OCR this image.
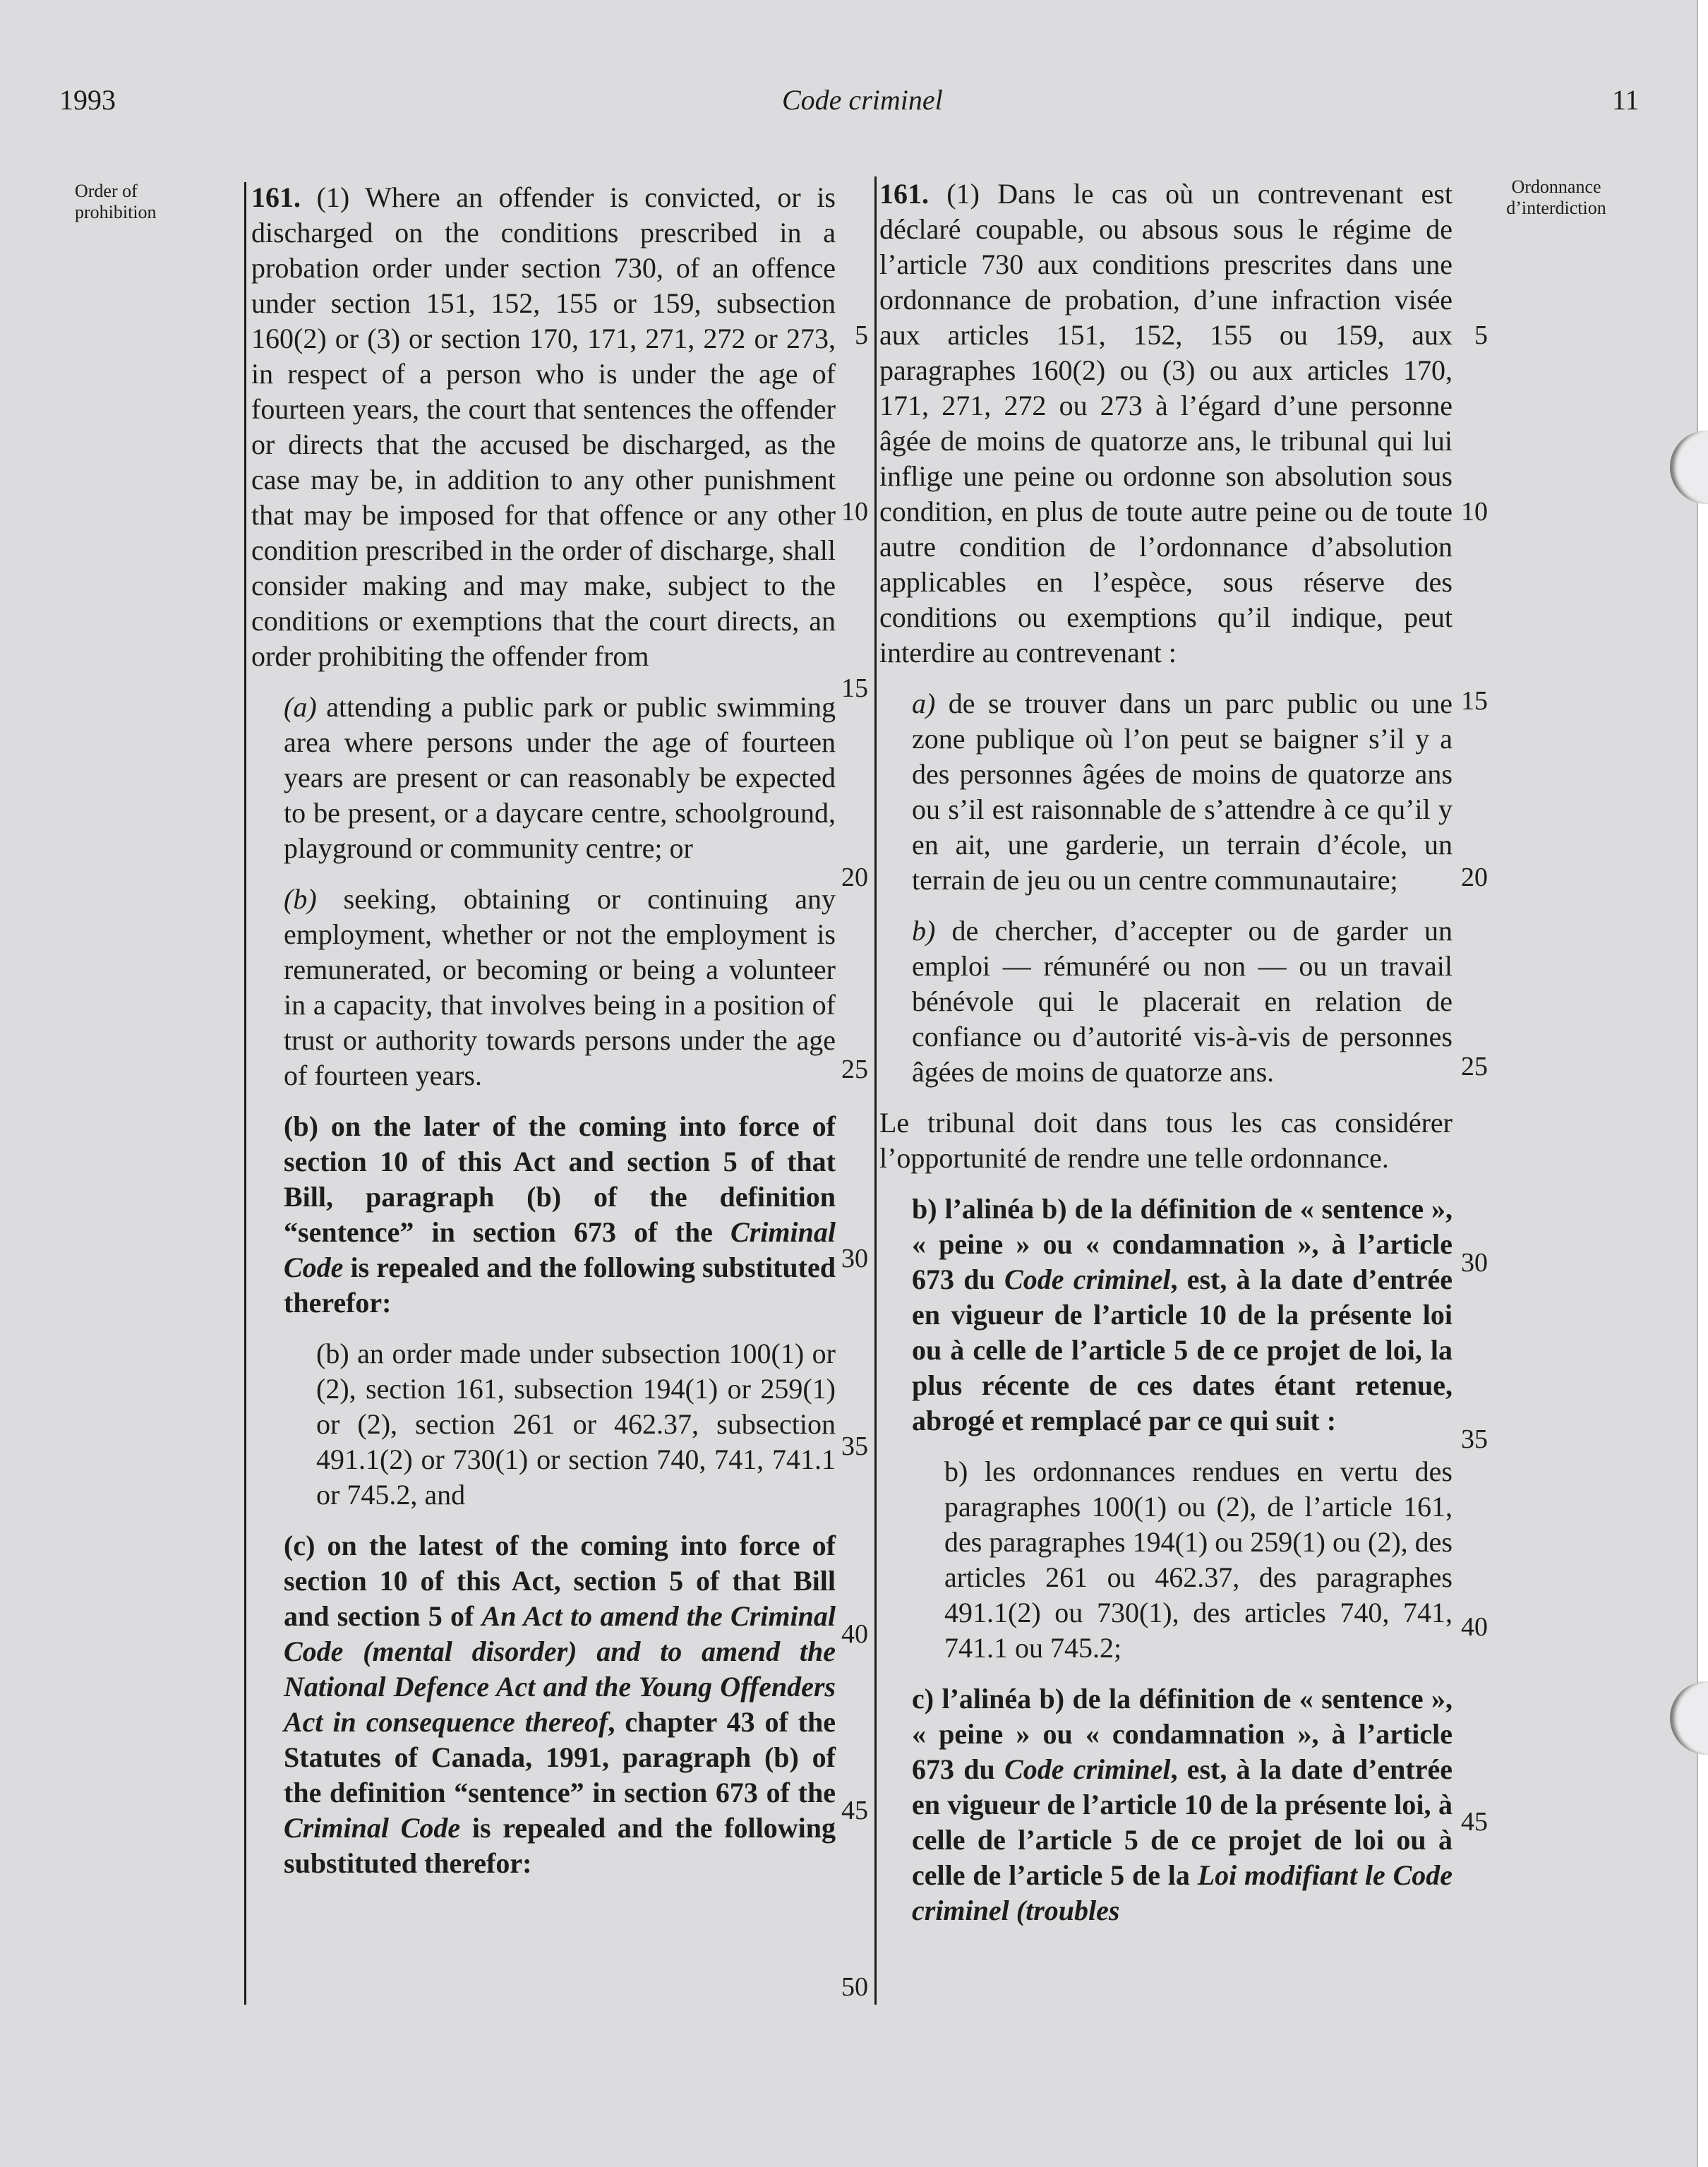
1993	Code criminel	11
Order of prohibition
Ordonnance d’interdiction

161. (1) Where an offender is convicted, or is discharged on the conditions prescribed in a probation order under section 730, of an offence under section 151, 152, 155 or 159, subsection 160(2) or (3) or section 170, 171, 271, 272 or 273, in respect of a person who is under the age of fourteen years, the court that sentences the offender or directs that the accused be discharged, as the case may be, in addition to any other punishment that may be imposed for that offence or any other condition prescribed in the order of discharge, shall consider making and may make, subject to the conditions or exemptions that the court directs, an order prohibiting the offender from

(a) attending a public park or public swimming area where persons under the age of fourteen years are present or can reasonably be expected to be present, or a daycare centre, schoolground, playground or community centre; or

(b) seeking, obtaining or continuing any employment, whether or not the employment is remunerated, or becoming or being a volunteer in a capacity, that involves being in a position of trust or authority towards persons under the age of fourteen years.

(b) on the later of the coming into force of section 10 of this Act and section 5 of that Bill, paragraph (b) of the definition “sentence” in section 673 of the Criminal Code is repealed and the following substituted therefor:

(b) an order made under subsection 100(1) or (2), section 161, subsection 194(1) or 259(1) or (2), section 261 or 462.37, subsection 491.1(2) or 730(1) or section 740, 741, 741.1 or 745.2, and

(c) on the latest of the coming into force of section 10 of this Act, section 5 of that Bill and section 5 of An Act to amend the Criminal Code (mental disorder) and to amend the National Defence Act and the Young Offenders Act in consequence thereof, chapter 43 of the Statutes of Canada, 1991, paragraph (b) of the definition “sentence” in section 673 of the Criminal Code is repealed and the following substituted therefor:

161. (1) Dans le cas où un contrevenant est déclaré coupable, ou absous sous le régime de l’article 730 aux conditions prescrites dans une ordonnance de probation, d’une infraction visée aux articles 151, 152, 155 ou 159, aux paragraphes 160(2) ou (3) ou aux articles 170, 171, 271, 272 ou 273 à l’égard d’une personne âgée de moins de quatorze ans, le tribunal qui lui inflige une peine ou ordonne son absolution sous condition, en plus de toute autre peine ou de toute autre condition de l’ordonnance d’absolution applicables en l’espèce, sous réserve des conditions ou exemptions qu’il indique, peut interdire au contrevenant :

a) de se trouver dans un parc public ou une zone publique où l’on peut se baigner s’il y a des personnes âgées de moins de quatorze ans ou s’il est raisonnable de s’attendre à ce qu’il y en ait, une garderie, un terrain d’école, un terrain de jeu ou un centre communautaire;

b) de chercher, d’accepter ou de garder un emploi — rémunéré ou non — ou un travail bénévole qui le placerait en relation de confiance ou d’autorité vis-à-vis de personnes âgées de moins de quatorze ans.

Le tribunal doit dans tous les cas considérer l’opportunité de rendre une telle ordonnance.

b) l’alinéa b) de la définition de « sentence », « peine » ou « condamnation », à l’article 673 du Code criminel, est, à la date d’entrée en vigueur de l’article 10 de la présente loi ou à celle de l’article 5 de ce projet de loi, la plus récente de ces dates étant retenue, abrogé et remplacé par ce qui suit :

b) les ordonnances rendues en vertu des paragraphes 100(1) ou (2), de l’article 161, des paragraphes 194(1) ou 259(1) ou (2), des articles 261 ou 462.37, des paragraphes 491.1(2) ou 730(1), des articles 740, 741, 741.1 ou 745.2;

c) l’alinéa b) de la définition de « sentence », « peine » ou « condamnation », à l’article 673 du Code criminel, est, à la date d’entrée en vigueur de l’article 10 de la présente loi, à celle de l’article 5 de ce projet de loi ou à celle de l’article 5 de la Loi modifiant le Code criminel (troubles

5
10
15
20
25
30
35
40
45
50
5
10
15
20
25
30
35
40
45
